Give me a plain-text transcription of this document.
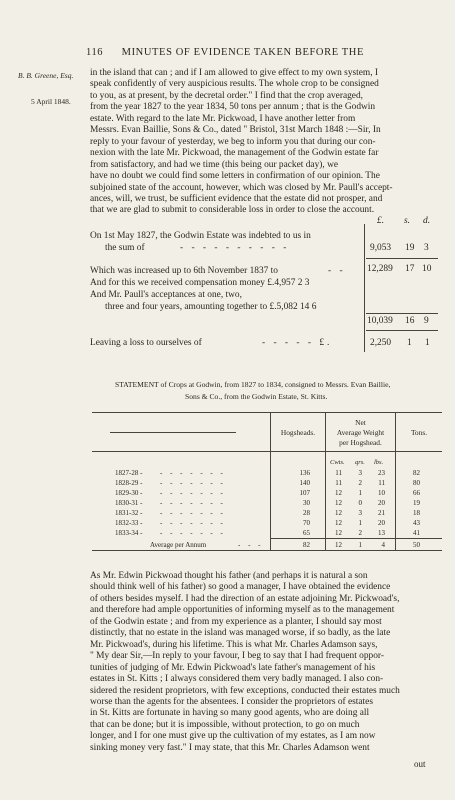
116 MINUTES OF EVIDENCE TAKEN BEFORE THE
B. B. Greene, Esq.
5 April 1848.
in the island that can ; and if I am allowed to give effect to my own system, I
speak confidently of very auspicious results. The whole crop to be consigned
to you, as at present, by the decretal order." I find that the crop averaged,
from the year 1827 to the year 1834, 50 tons per annum ; that is the Godwin
estate. With regard to the late Mr. Pickwoad, I have another letter from
Messrs. Evan Baillie, Sons & Co., dated " Bristol, 31st March 1848 :—Sir, In
reply to your favour of yesterday, we beg to inform you that during our con-
nexion with the late Mr. Pickwoad, the management of the Godwin estate far
from satisfactory, and had we time (this being our packet day), we
have no doubt we could find some letters in confirmation of our opinion. The
subjoined state of the account, however, which was closed by Mr. Paull's accept-
ances, will, we trust, be sufficient evidence that the estate did not prosper, and
that we are glad to submit to considerable loss in order to close the account.
£. s. d.
On 1st May 1827, the Godwin Estate was indebted to us in
the sum of	- - - - - - - - - -	9,053 19 3
Which was increased up to 6th November 1837 to	- - 12,289 17 10
And for this we received compensation money £.4,957 2 3
And Mr. Paull's acceptances at one, two,
three and four years, amounting together to £.5,082 14 6
10,039 16 9
Leaving a loss to ourselves of	- - - - - £.	2,250 1 1
STATEMENT of Crops at Godwin, from 1827 to 1834, consigned to Messrs. Evan Baillie,
Sons & Co., from the Godwin Estate, St. Kitts.
Hogsheads.
Net
Average Weight
per Hogshead.
Tons.
Cwts. qrs. lbs.
1827-28 -	- - - - - - -	136	11	3	23	82
1828-29 -	- - - - - - -	140	11	2	11	80
1829-30 -	- - - - - - -	107	12	1	10	66
1830-31 -	- - - - - - -	30	12	0	20	19
1831-32 -	- - - - - - -	28	12	3	21	18
1832-33 -	- - - - - - -	70	12	1	20	43
1833-34 -	- - - - - - -	65	12	2	13	41
Average per Annum	- - -	82	12	1	4	50
As Mr. Edwin Pickwoad thought his father (and perhaps it is natural a son
should think well of his father) so good a manager, I have obtained the evidence
of others besides myself. I had the direction of an estate adjoining Mr. Pickwoad's,
and therefore had ample opportunities of informing myself as to the management
of the Godwin estate ; and from my experience as a planter, I should say most
distinctly, that no estate in the island was managed worse, if so badly, as the late
Mr. Pickwoad's, during his lifetime. This is what Mr. Charles Adamson says,
" My dear Sir,—In reply to your favour, I beg to say that I had frequent oppor-
tunities of judging of Mr. Edwin Pickwoad's late father's management of his
estates in St. Kitts ; I always considered them very badly managed. I also con-
sidered the resident proprietors, with few exceptions, conducted their estates much
worse than the agents for the absentees. I consider the proprietors of estates
in St. Kitts are fortunate in having so many good agents, who are doing all
that can be done; but it is impossible, without protection, to go on much
longer, and I for one must give up the cultivation of my estates, as I am now
sinking money very fast." I may state, that this Mr. Charles Adamson went
out
